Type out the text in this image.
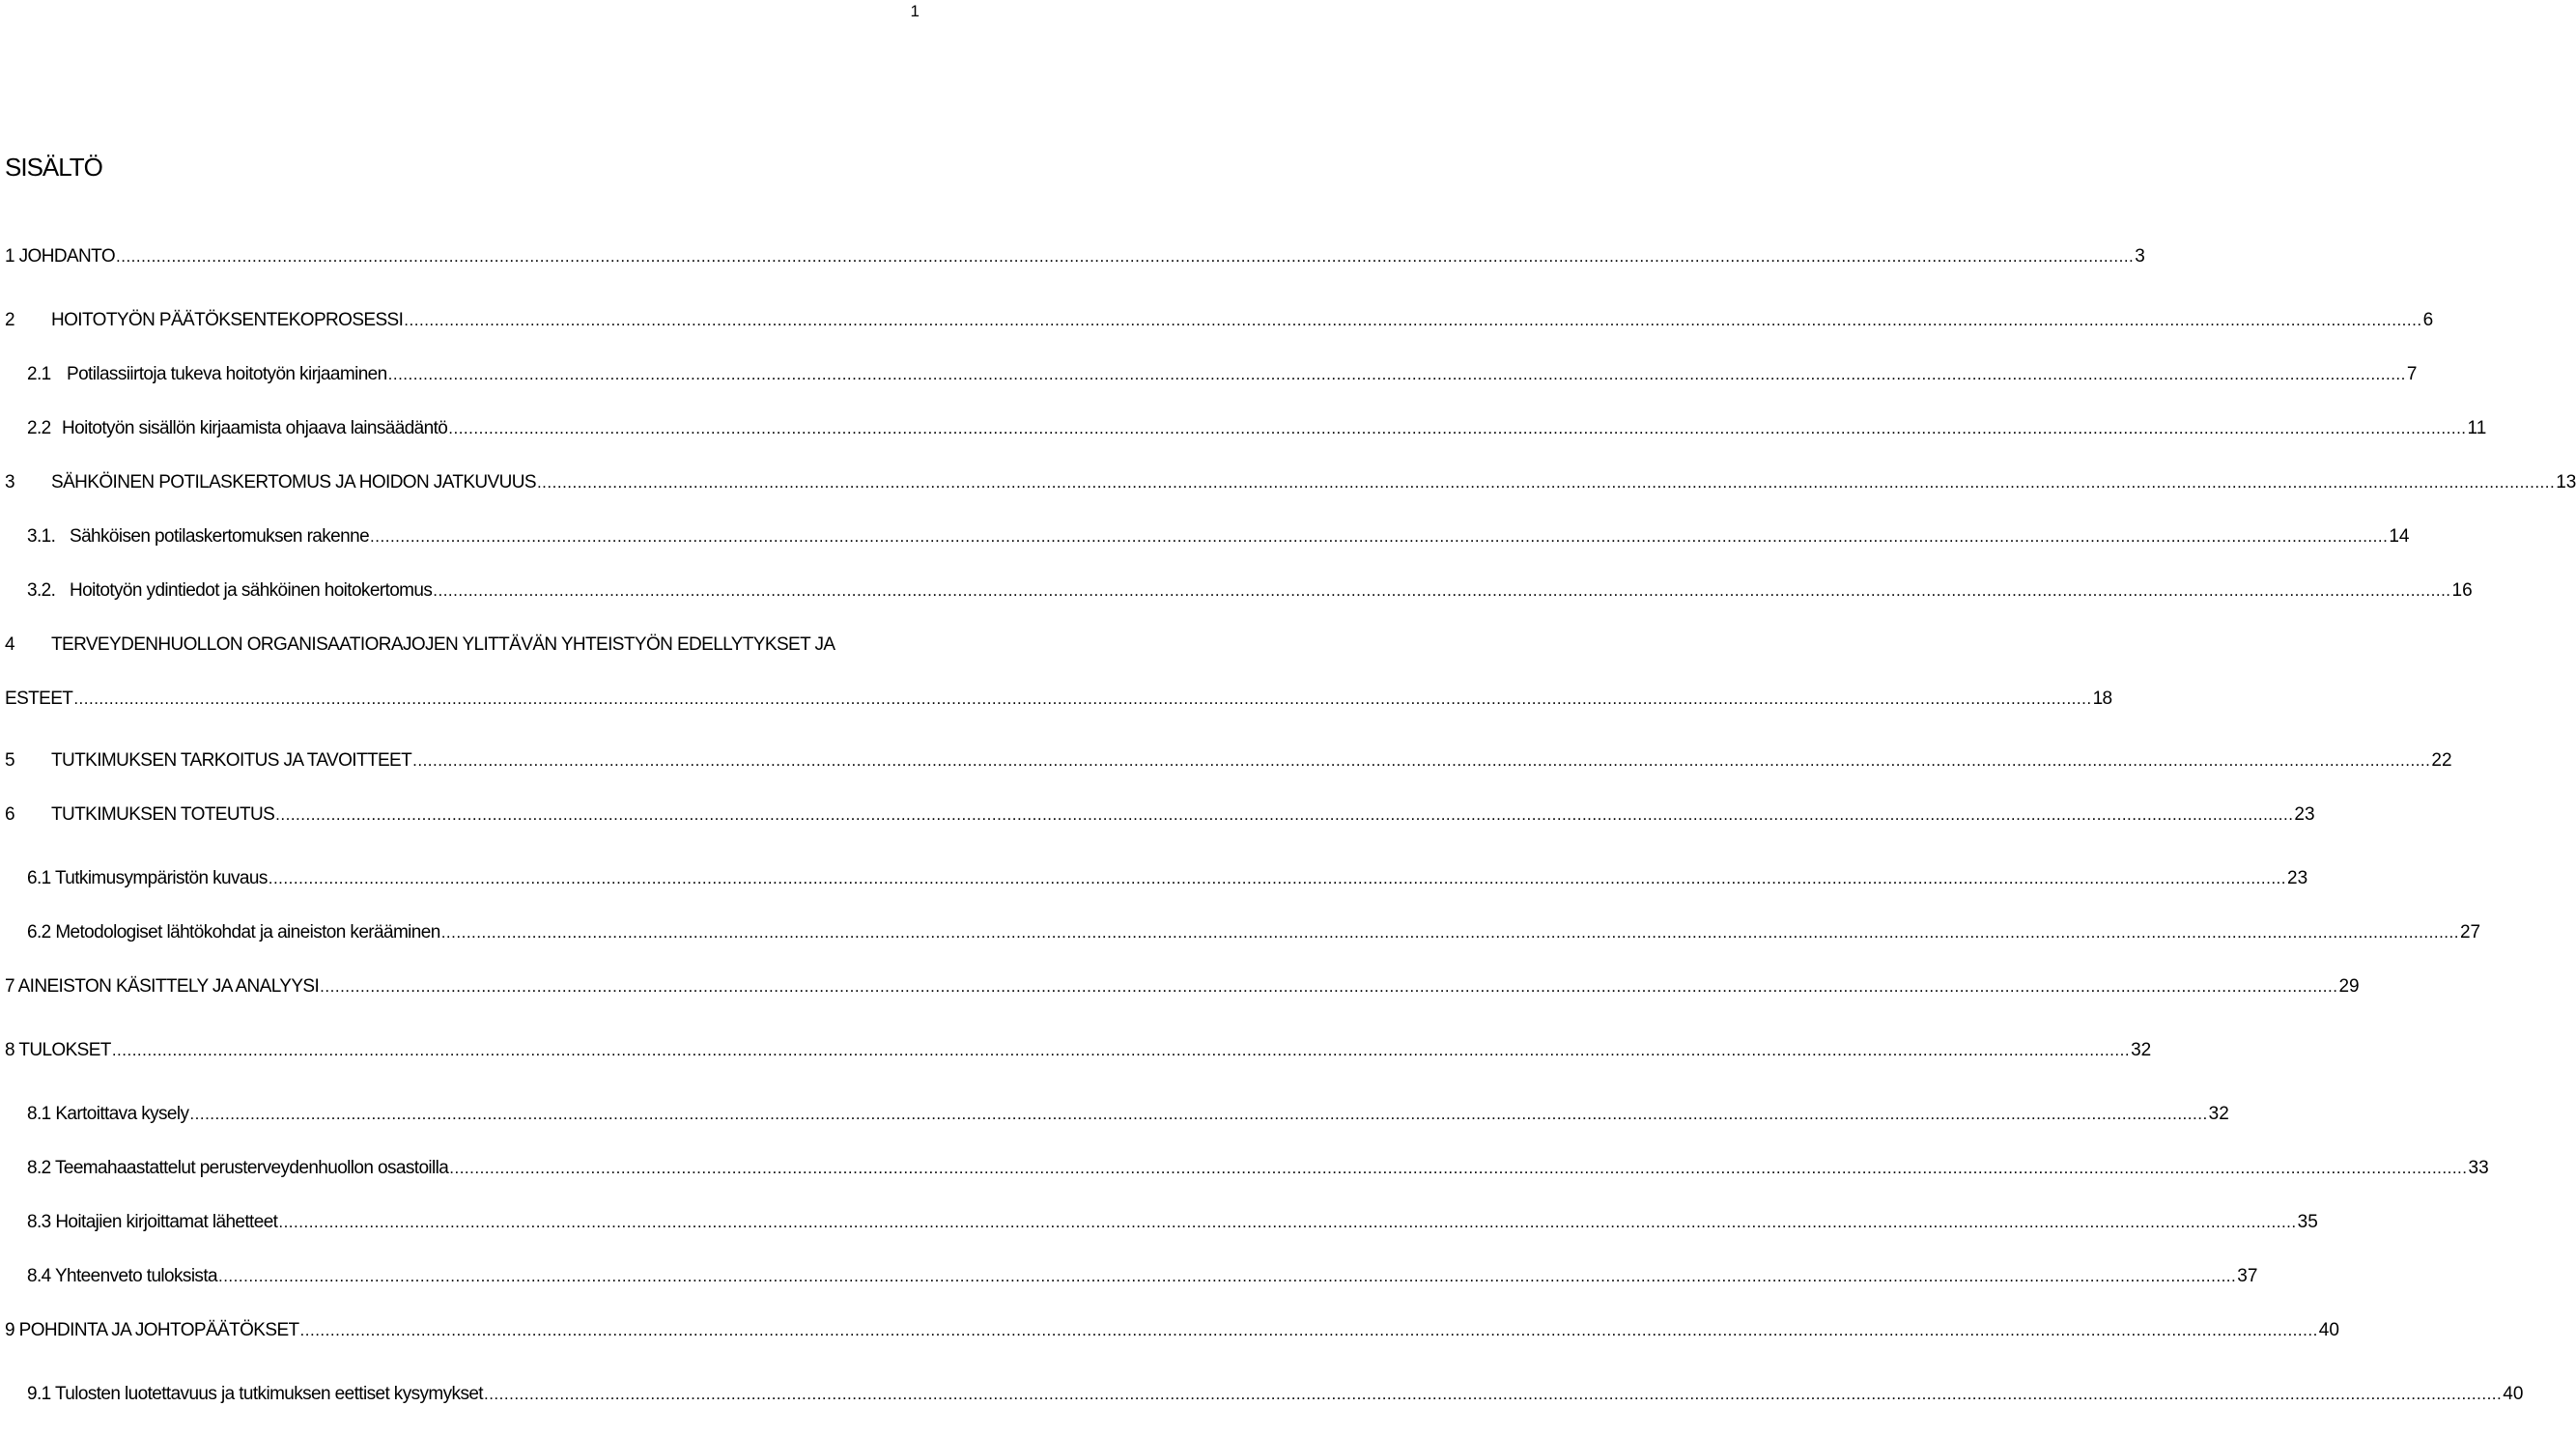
1
SISÄLTÖ
1 JOHDANTO ................................................................................................................................................................................................................................................................................................................................................................................................................ 3
2 HOITOTYÖN PÄÄTÖKSENTEKOPROSESSI ................................................................................................................................................................................................................................................................................................................................................................................................................ 6
2.1 Potilassiirtoja tukeva hoitotyön kirjaaminen ................................................................................................................................................................................................................................................................................................................................................................................................................ 7
2.2 Hoitotyön sisällön kirjaamista ohjaava lainsäädäntö ................................................................................................................................................................................................................................................................................................................................................................................................................ 11
3 SÄHKÖINEN POTILASKERTOMUS JA HOIDON JATKUVUUS ................................................................................................................................................................................................................................................................................................................................................................................................................ 13
3.1. Sähköisen potilaskertomuksen rakenne ................................................................................................................................................................................................................................................................................................................................................................................................................ 14
3.2. Hoitotyön ydintiedot ja sähköinen hoitokertomus ................................................................................................................................................................................................................................................................................................................................................................................................................ 16
4 TERVEYDENHUOLLON ORGANISAATIORAJOJEN YLITTÄVÄN YHTEISTYÖN EDELLYTYKSET JA
ESTEET ................................................................................................................................................................................................................................................................................................................................................................................................................ 18
5 TUTKIMUKSEN TARKOITUS JA TAVOITTEET ................................................................................................................................................................................................................................................................................................................................................................................................................ 22
6 TUTKIMUKSEN TOTEUTUS ................................................................................................................................................................................................................................................................................................................................................................................................................ 23
6.1 Tutkimusympäristön kuvaus ................................................................................................................................................................................................................................................................................................................................................................................................................ 23
6.2 Metodologiset lähtökohdat ja aineiston kerääminen ................................................................................................................................................................................................................................................................................................................................................................................................................ 27
7 AINEISTON KÄSITTELY JA ANALYYSI ................................................................................................................................................................................................................................................................................................................................................................................................................ 29
8 TULOKSET ................................................................................................................................................................................................................................................................................................................................................................................................................ 32
8.1 Kartoittava kysely ................................................................................................................................................................................................................................................................................................................................................................................................................ 32
8.2 Teemahaastattelut perusterveydenhuollon osastoilla ................................................................................................................................................................................................................................................................................................................................................................................................................ 33
8.3 Hoitajien kirjoittamat lähetteet ................................................................................................................................................................................................................................................................................................................................................................................................................ 35
8.4 Yhteenveto tuloksista ................................................................................................................................................................................................................................................................................................................................................................................................................ 37
9 POHDINTA JA JOHTOPÄÄTÖKSET ................................................................................................................................................................................................................................................................................................................................................................................................................ 40
9.1 Tulosten luotettavuus ja tutkimuksen eettiset kysymykset ................................................................................................................................................................................................................................................................................................................................................................................................................ 40
